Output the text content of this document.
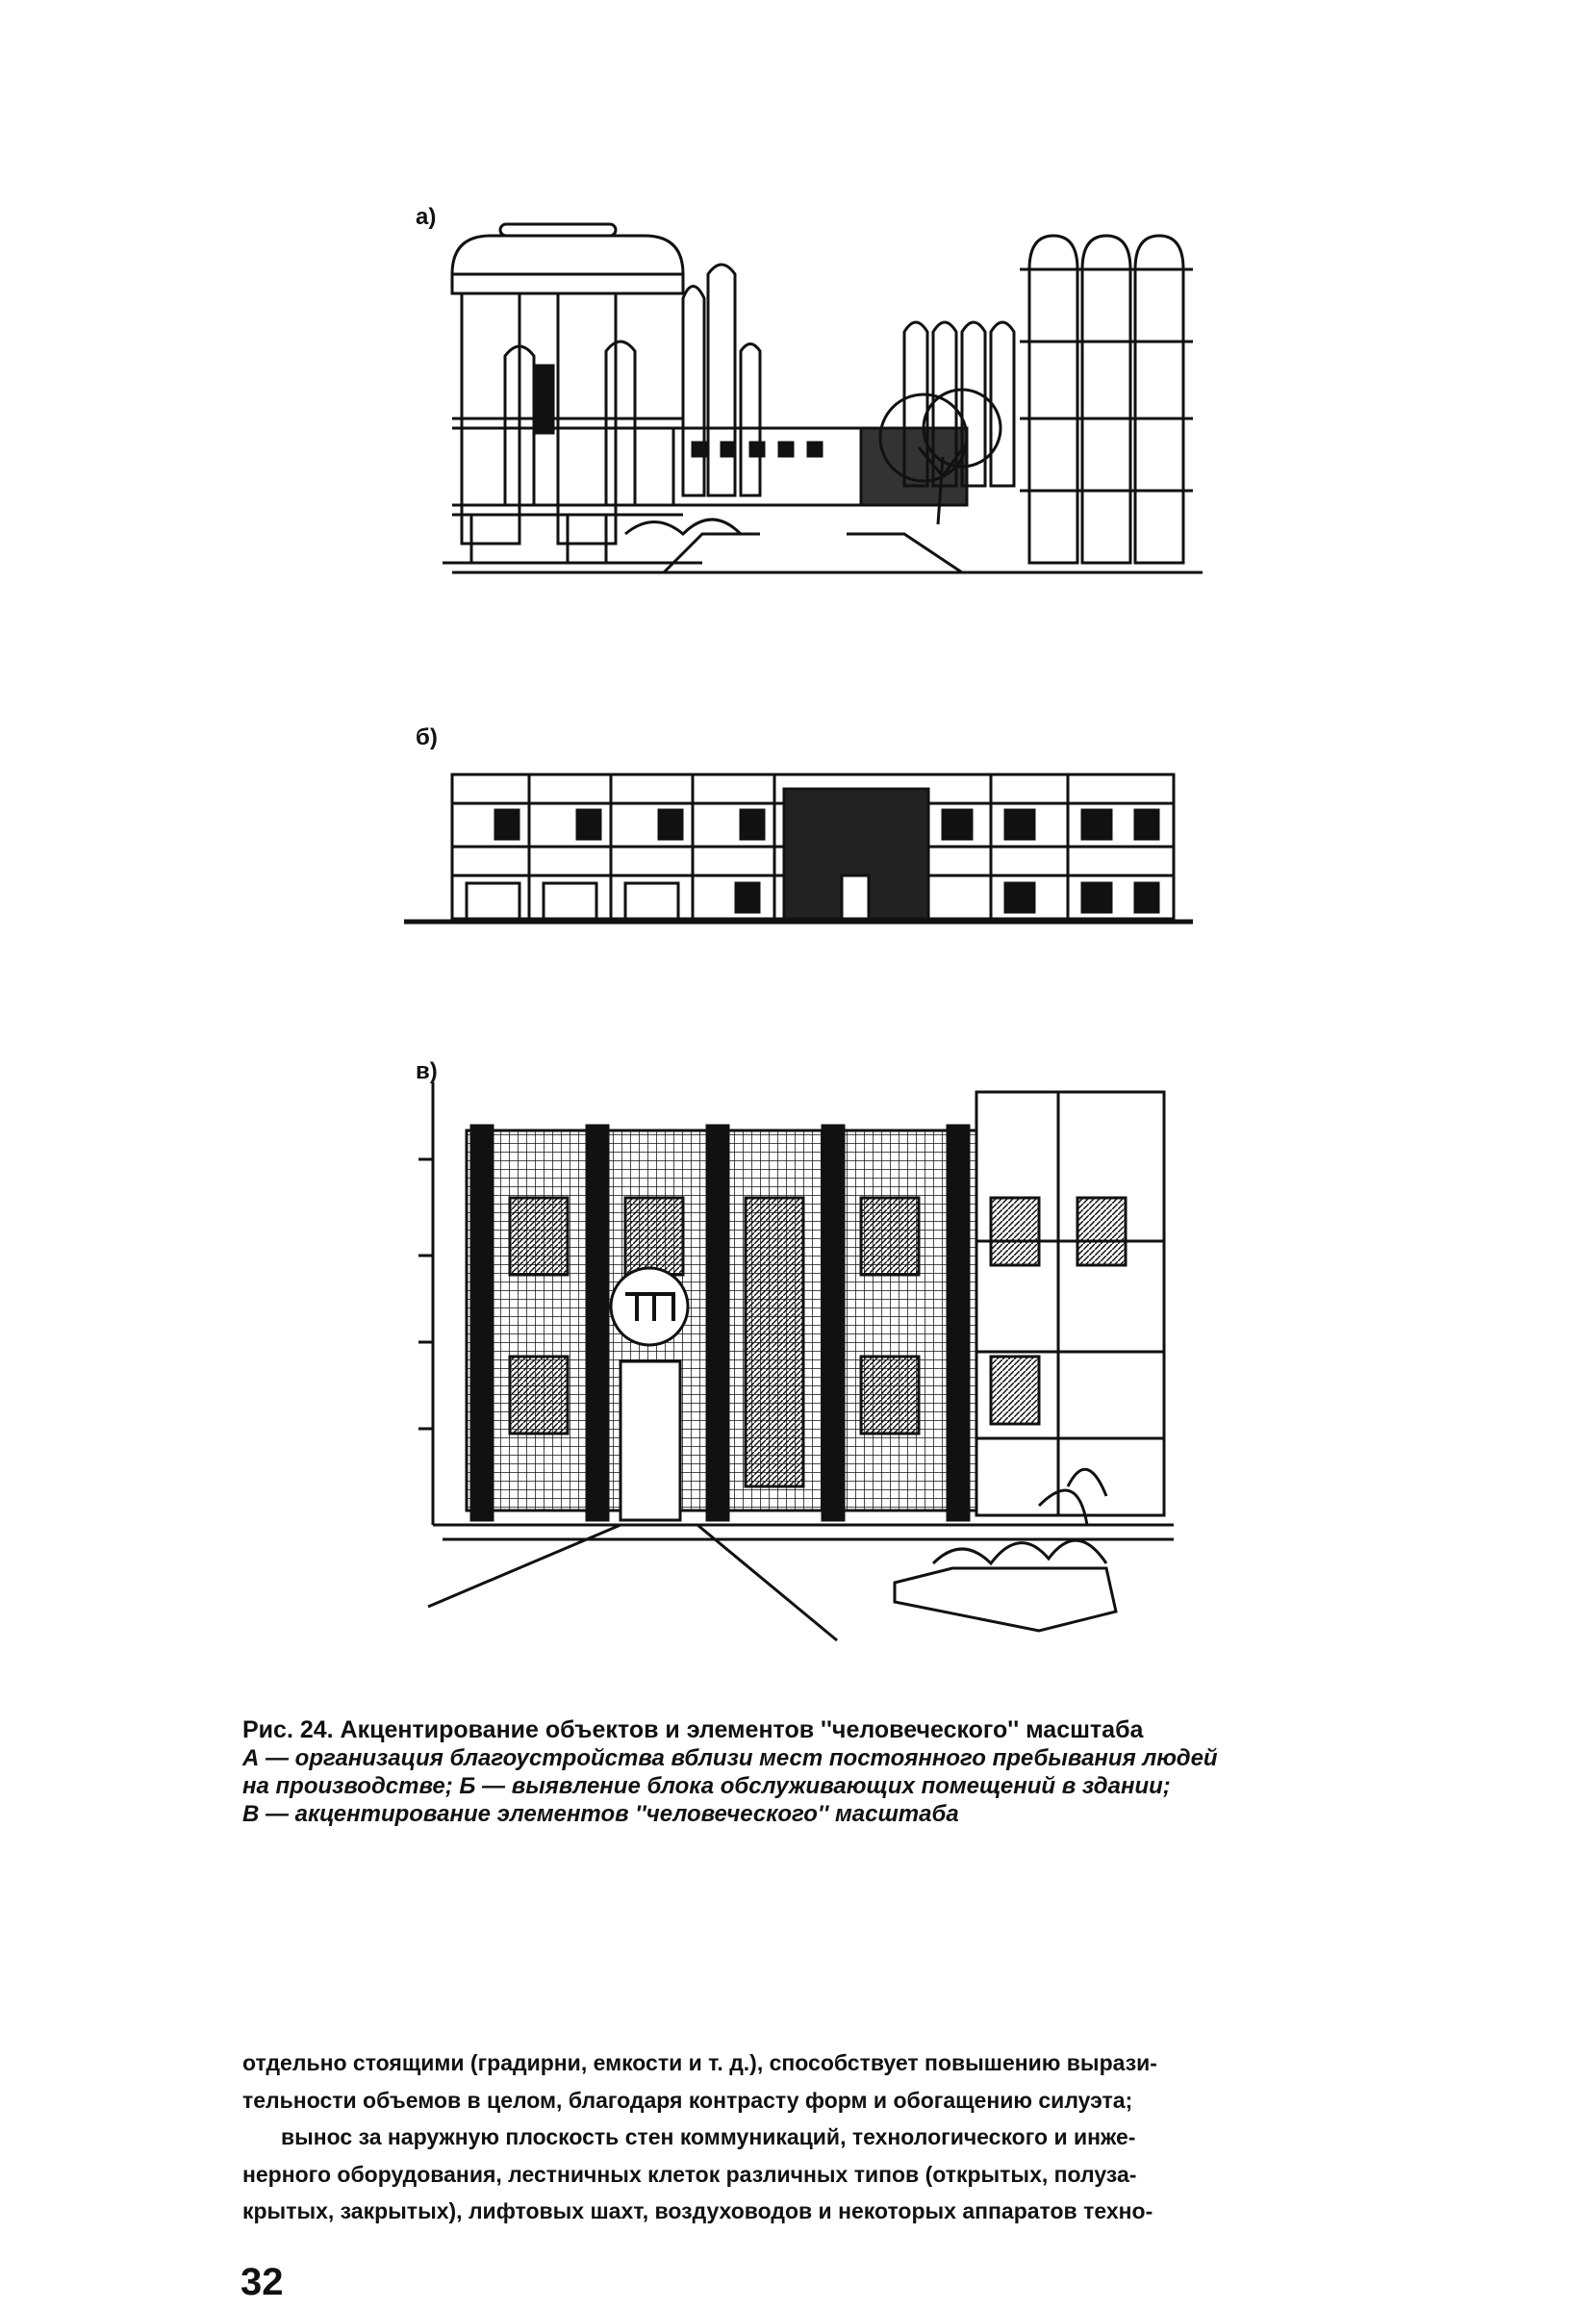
а)
б)
в)
Рис. 24. Акцентирование объектов и элементов ''человеческого'' масштаба
А — организация благоустройства вблизи мест постоянного пребывания людей
на производстве; Б — выявление блока обслуживающих помещений в здании;
В — акцентирование элементов ''человеческого'' масштаба
отдельно стоящими (градирни, емкости и т. д.), способствует повышению вырази-
тельности объемов в целом, благодаря контрасту форм и обогащению силуэта;
вынос за наружную плоскость стен коммуникаций, технологического и инже-
нерного оборудования, лестничных клеток различных типов (открытых, полуза-
крытых, закрытых), лифтовых шахт, воздуховодов и некоторых аппаратов техно-
32
